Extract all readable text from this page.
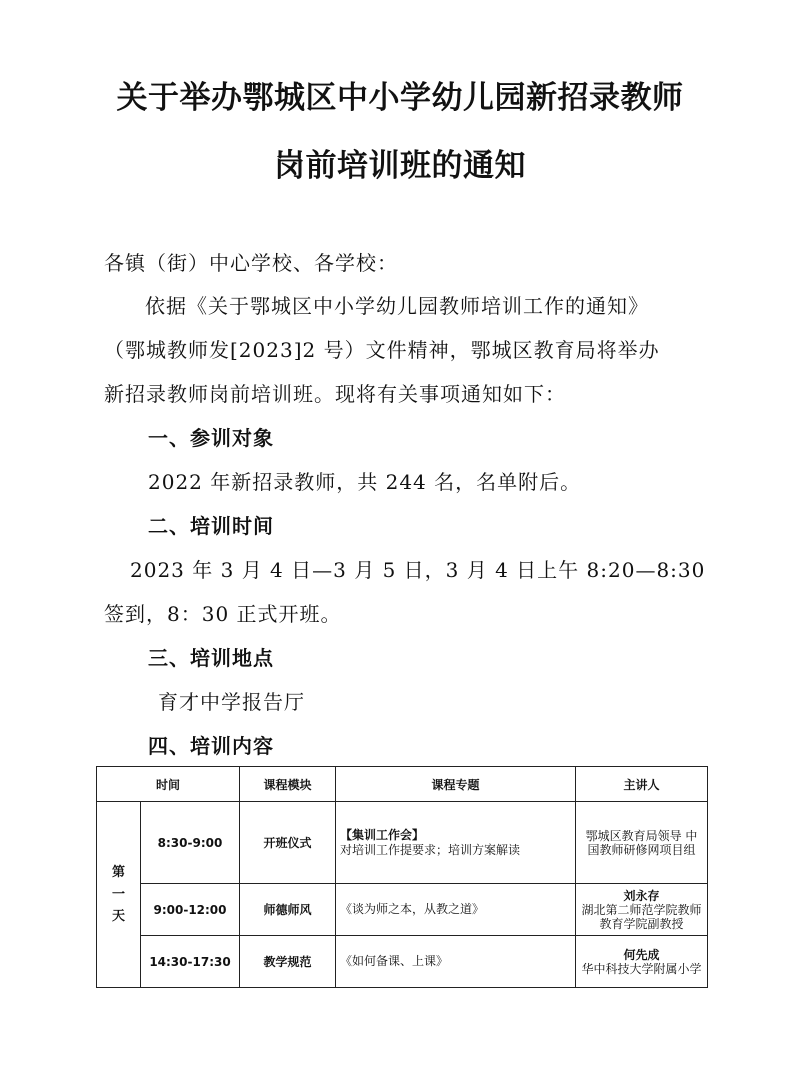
关于举办鄂城区中小学幼儿园新招录教师
岗前培训班的通知
各镇（街）中心学校、各学校：
依据《关于鄂城区中小学幼儿园教师培训工作的通知》
（鄂城教师发[2023]2 号）文件精神，鄂城区教育局将举办
新招录教师岗前培训班。现将有关事项通知如下：
一、参训对象
2022 年新招录教师，共 244 名，名单附后。
二、培训时间
2023 年 3 月 4 日—3 月 5 日，3 月 4 日上午 8:20—8:30
签到，8：30 正式开班。
三、培训地点
育才中学报告厅
四、培训内容
时间		课程模块	课程专题	主讲人
第一天	8:30-9:00	开班仪式	【集训工作会】
对培训工作提要求；培训方案解读	鄂城区教育局领导 中国教师研修网项目组
	9:00-12:00	师德师风	《谈为师之本，从教之道》	刘永存
湖北第二师范学院教师教育学院副教授
	14:30-17:30	教学规范	《如何备课、上课》	何先成
华中科技大学附属小学
